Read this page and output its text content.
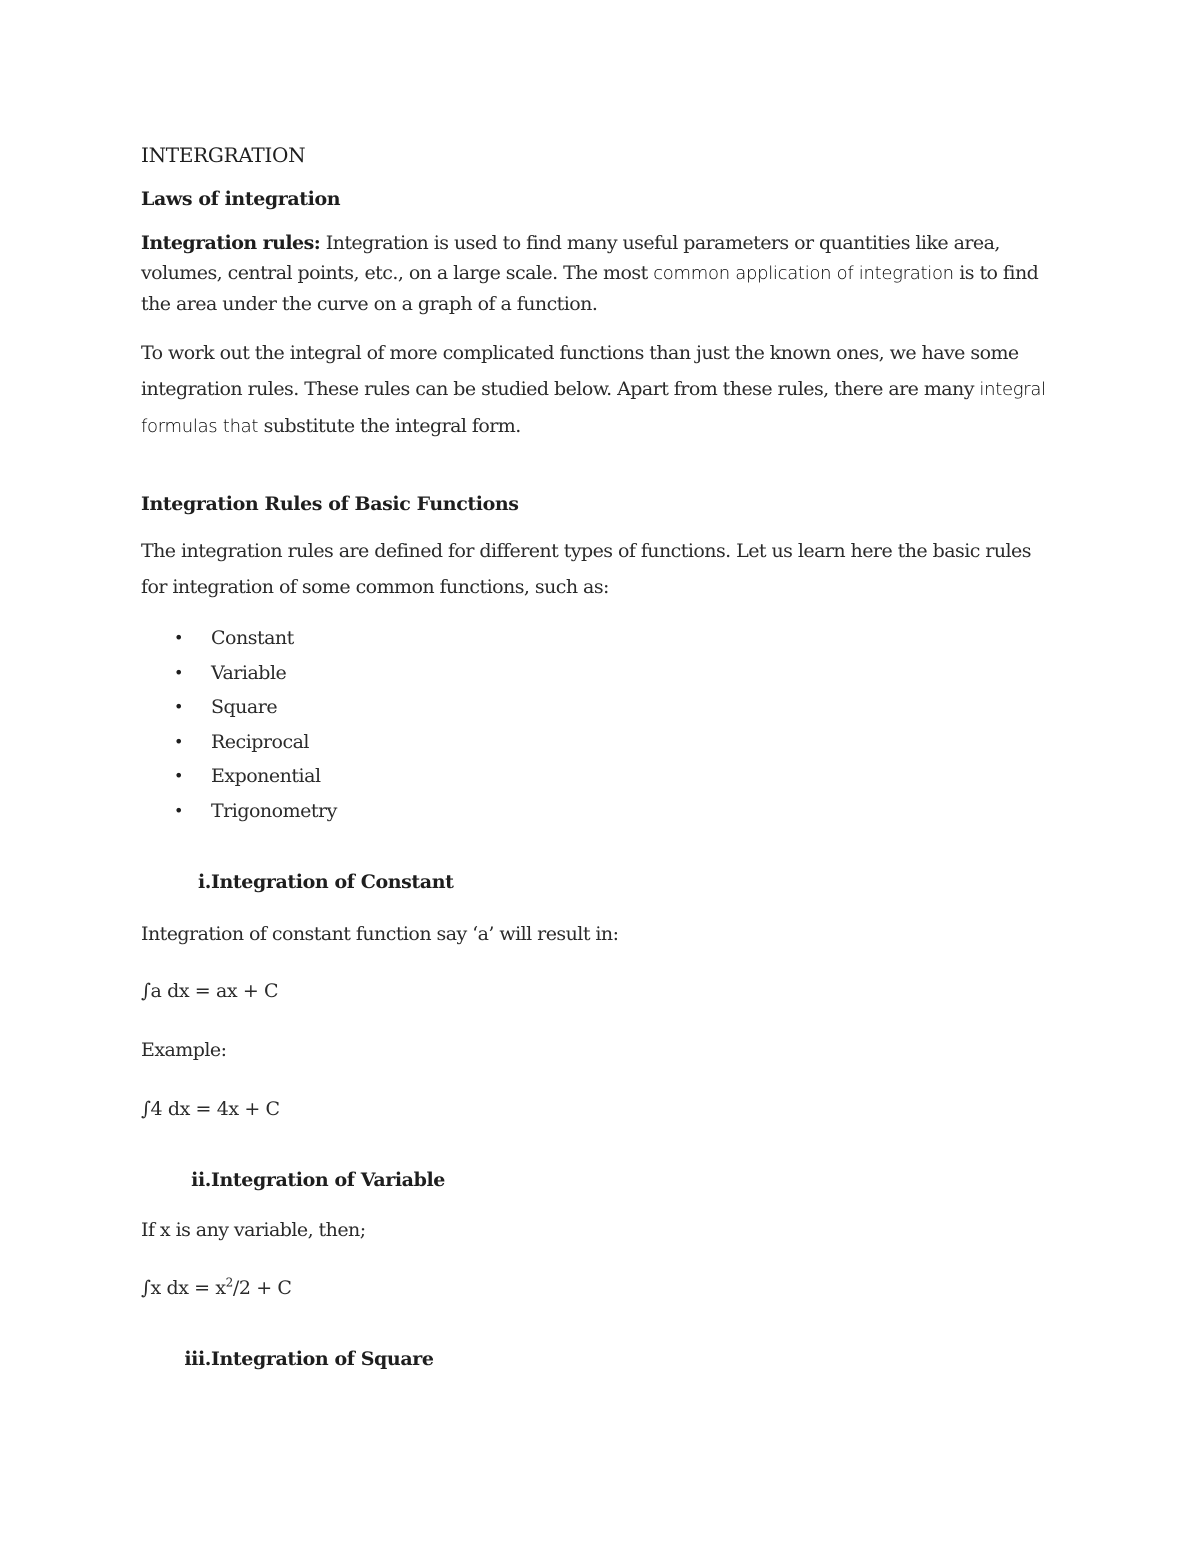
INTERGRATION
Laws of integration

Integration rules: Integration is used to find many useful parameters or quantities like area, volumes, central points, etc., on a large scale. The most common application of integration is to find the area under the curve on a graph of a function.

To work out the integral of more complicated functions than just the known ones, we have some integration rules. These rules can be studied below. Apart from these rules, there are many integral formulas that substitute the integral form.

Integration Rules of Basic Functions

The integration rules are defined for different types of functions. Let us learn here the basic rules for integration of some common functions, such as:

• Constant
• Variable
• Square
• Reciprocal
• Exponential
• Trigonometry
i. Integration of Constant

Integration of constant function say ‘a’ will result in:

∫a dx = ax + C

Example:

∫4 dx = 4x + C

ii. Integration of Variable

If x is any variable, then;

∫x dx = $x^2/2 + C$

iii. Integration of Square
